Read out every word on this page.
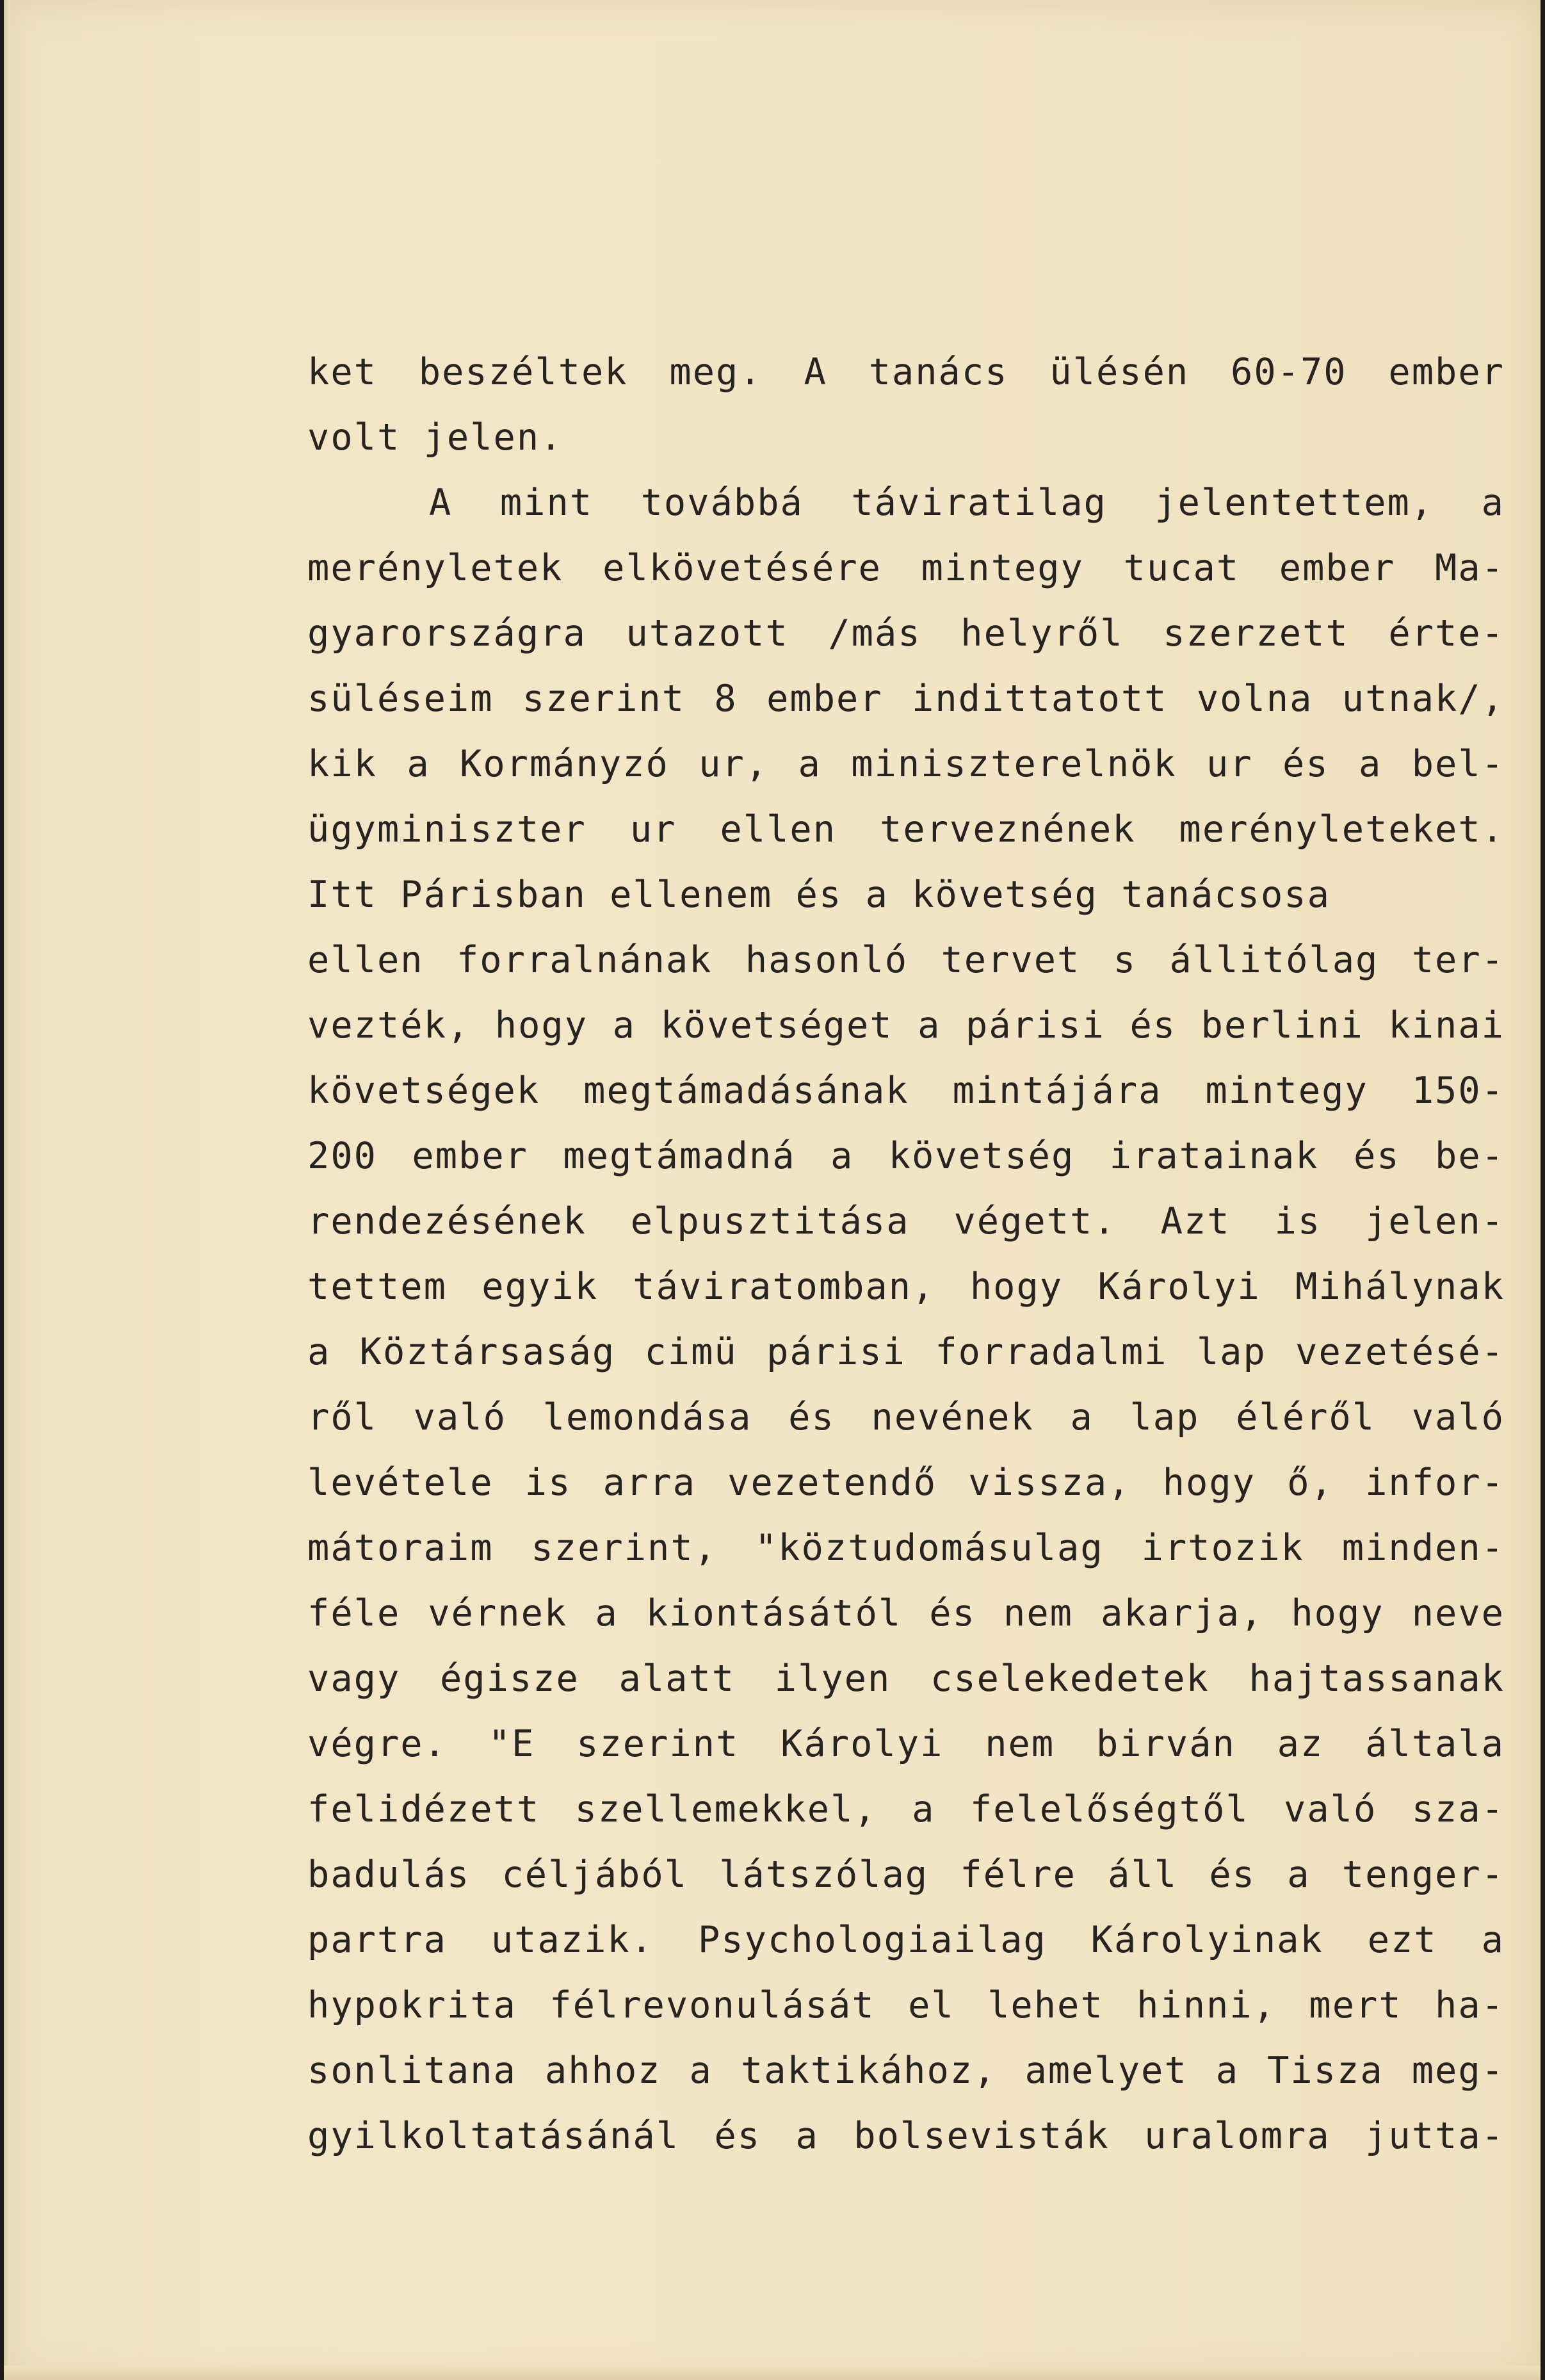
ket beszéltek meg. A tanács ülésén 60-70 ember
volt jelen.
A mint továbbá táviratilag jelentettem, a
merényletek elkövetésére mintegy tucat ember Ma-
gyarországra utazott /más helyről szerzett érte-
süléseim szerint 8 ember indittatott volna utnak/,
kik a Kormányzó ur, a miniszterelnök ur és a bel-
ügyminiszter ur ellen terveznének merényleteket.
Itt Párisban ellenem és a követség tanácsosa
ellen forralnának hasonló tervet s állitólag ter-
vezték, hogy a követséget a párisi és berlini kinai
követségek megtámadásának mintájára mintegy 150-
200 ember megtámadná a követség iratainak és be-
rendezésének elpusztitása végett. Azt is jelen-
tettem egyik táviratomban, hogy Károlyi Mihálynak
a Köztársaság cimü párisi forradalmi lap vezetésé-
ről való lemondása és nevének a lap éléről való
levétele is arra vezetendő vissza, hogy ő, infor-
mátoraim szerint, "köztudomásulag irtozik minden-
féle vérnek a kiontásától és nem akarja, hogy neve
vagy égisze alatt ilyen cselekedetek hajtassanak
végre. "E szerint Károlyi nem birván az általa
felidézett szellemekkel, a felelőségtől való sza-
badulás céljából látszólag félre áll és a tenger-
partra utazik. Psychologiailag Károlyinak ezt a
hypokrita félrevonulását el lehet hinni, mert ha-
sonlitana ahhoz a taktikához, amelyet a Tisza meg-
gyilkoltatásánál és a bolsevisták uralomra jutta-
